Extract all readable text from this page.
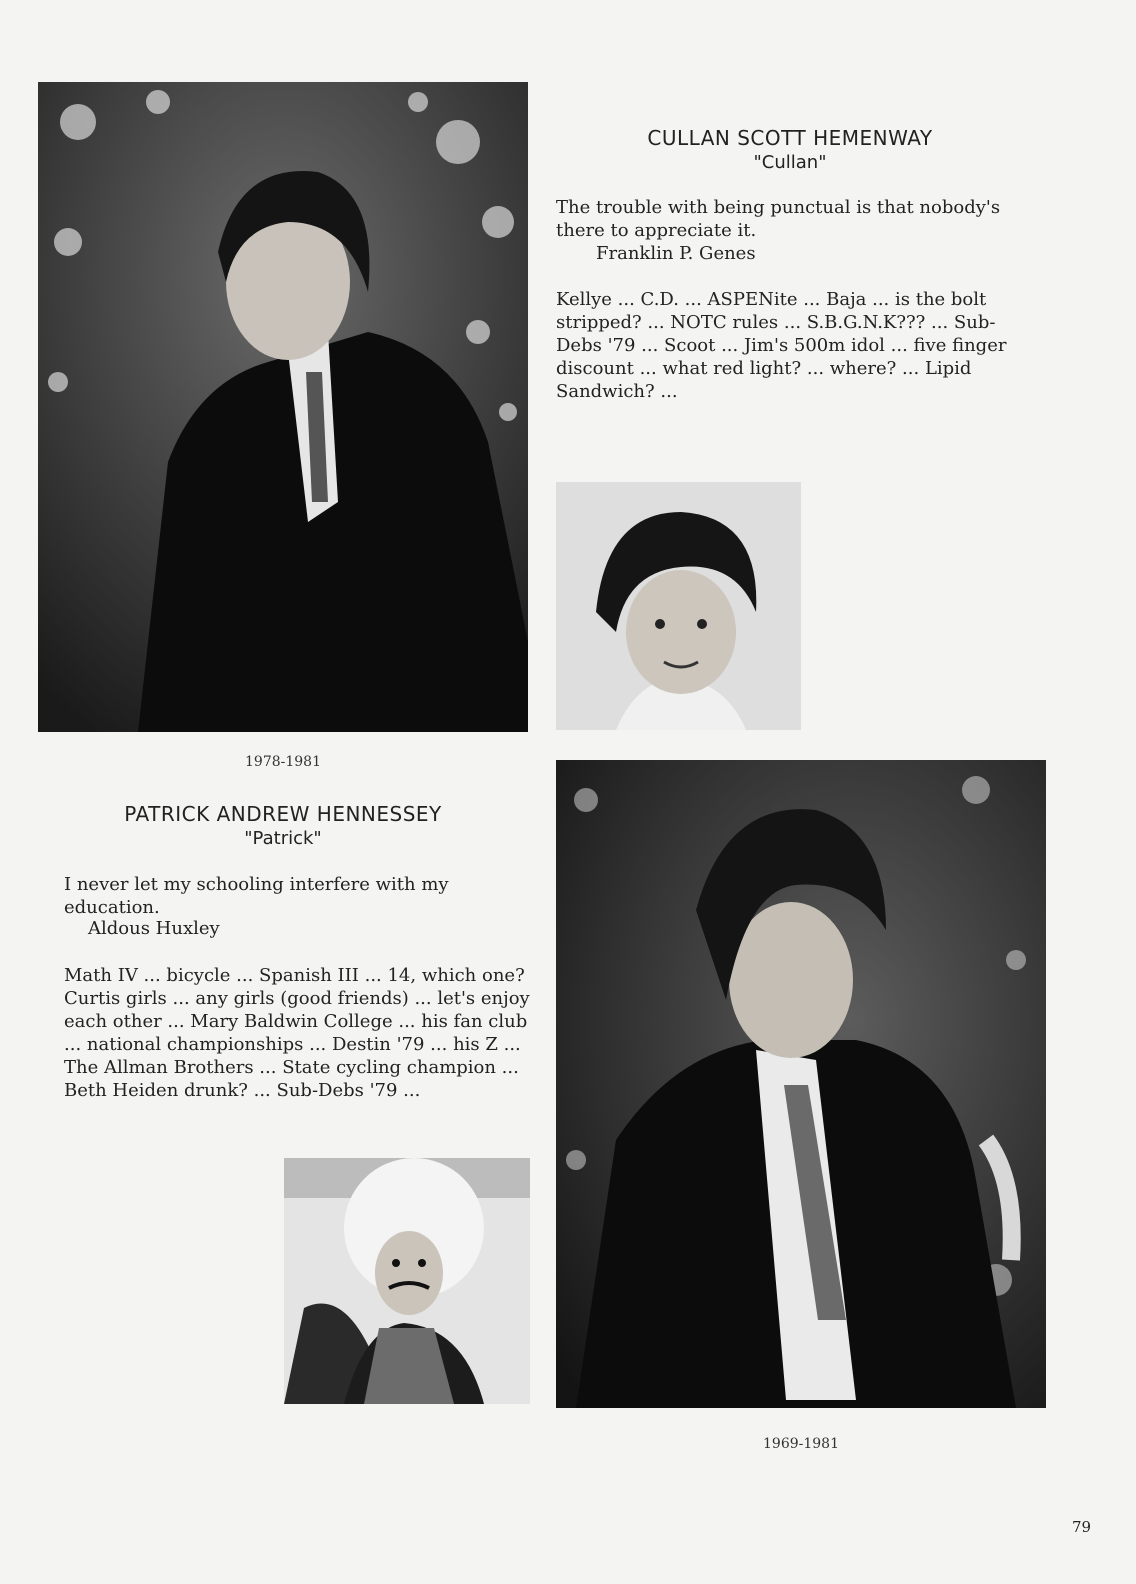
CULLAN SCOTT HEMENWAY
"Cullan"
The trouble with being punctual is that nobody's there to appreciate it.
Franklin P. Genes
Kellye ... C.D. ... ASPENite ... Baja ... is the bolt stripped? ... NOTC rules ... S.B.G.N.K??? ... Sub-Debs '79 ... Scoot ... Jim's 500m idol ... five finger discount ... what red light? ... where? ... Lipid Sandwich? ...
1978-1981
PATRICK ANDREW HENNESSEY
"Patrick"
I never let my schooling interfere with my education.
Aldous Huxley
Math IV ... bicycle ... Spanish III ... 14, which one? Curtis girls ... any girls (good friends) ... let's enjoy each other ... Mary Baldwin College ... his fan club ... national championships ... Destin '79 ... his Z ... The Allman Brothers ... State cycling champion ... Beth Heiden drunk? ... Sub-Debs '79 ...
1969-1981
79
